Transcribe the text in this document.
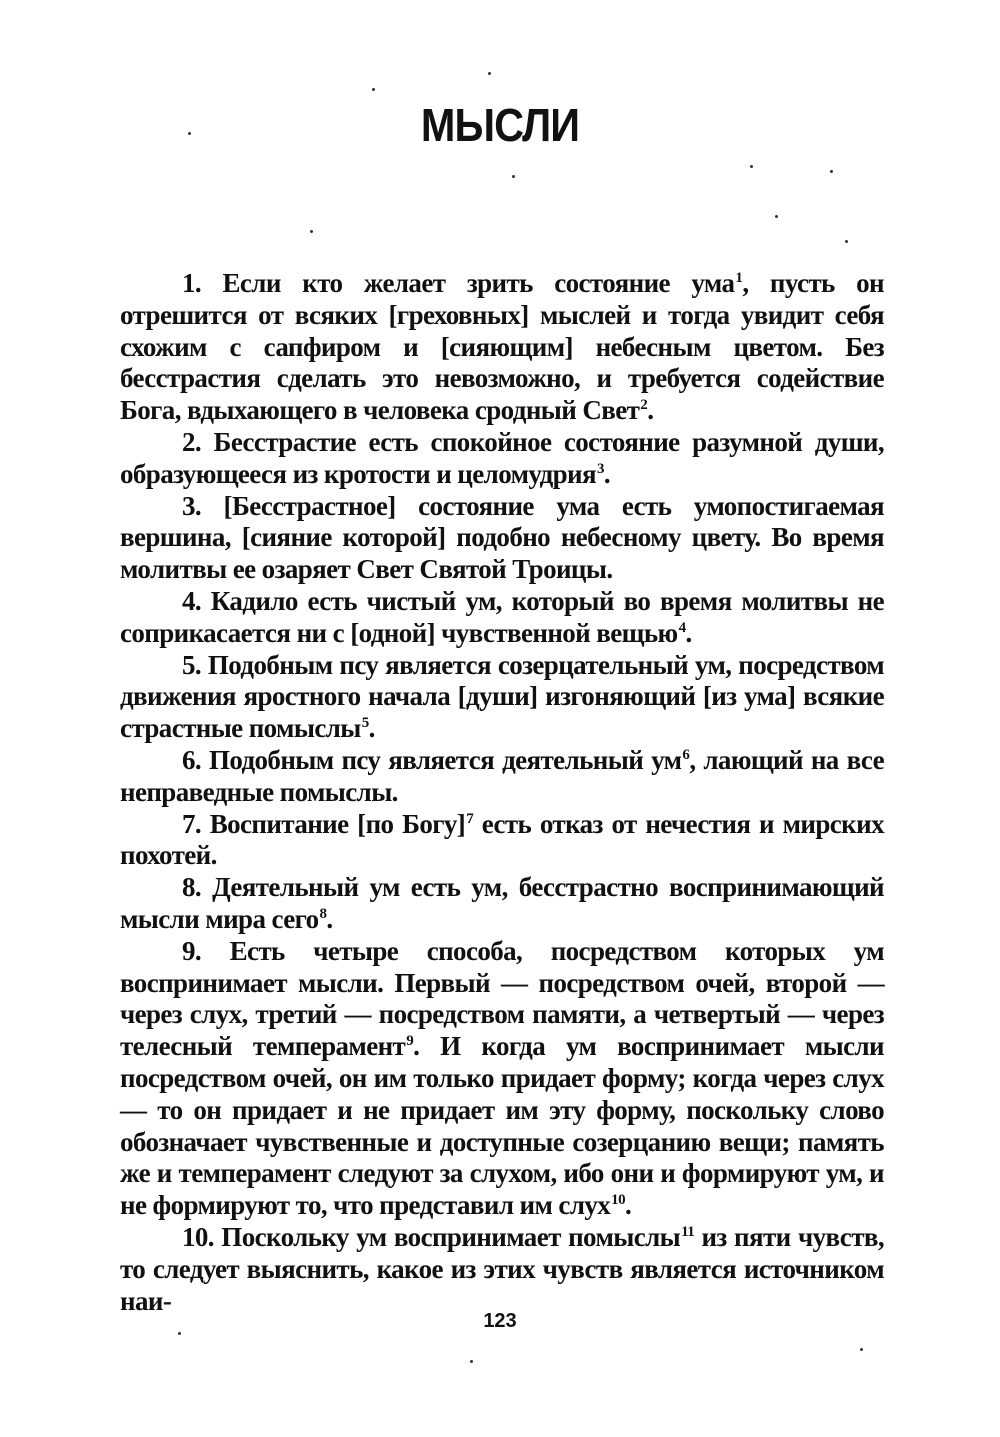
МЫСЛИ

1. Если кто желает зрить состояние ума$^1$, пусть он отрешится от всяких [греховных] мыслей и тогда увидит себя схожим с сапфиром и [сияющим] небесным цветом. Без бесстрастия сделать это невозможно, и требуется содействие Бога, вдыхающего в человека сродный Свет$^2$.

2. Бесстрастие есть спокойное состояние разумной души, образующееся из кротости и целомудрия$^3$.

3. [Бесстрастное] состояние ума есть умопостигаемая вершина, [сияние которой] подобно небесному цвету. Во время молитвы ее озаряет Свет Святой Троицы.

4. Кадило есть чистый ум, который во время молитвы не соприкасается ни с [одной] чувственной вещью$^4$.

5. Подобным псу является созерцательный ум, посредством движения яростного начала [души] изгоняющий [из ума] всякие страстные помыслы$^5$.

6. Подобным псу является деятельный $ум^6$, лающий на все неправедные помыслы.

7. Воспитание [по Богу]$^7$ есть отказ от нечестия и мирских похотей.

8. Деятельный ум есть ум, бесстрастно воспринимающий мысли мира сего$^8$.

9. Есть четыре способа, посредством которых ум воспринимает мысли. Первый — посредством очей, второй — через слух, третий — посредством памяти, а четвертый — через телесный темперамент$^9$. И когда ум воспринимает мысли посредством очей, он им только придает форму; когда через слух — то он придает и не придает им эту форму, поскольку слово обозначает чувственные и доступные созерцанию вещи; память же и темперамент следуют за слухом, ибо они и формируют ум, и не формируют то, что представил им слух$^{10}$.

10. Поскольку ум воспринимает помыслы$^{11}$ из пяти чувств, то следует выяснить, какое из этих чувств является источником наи-

123
